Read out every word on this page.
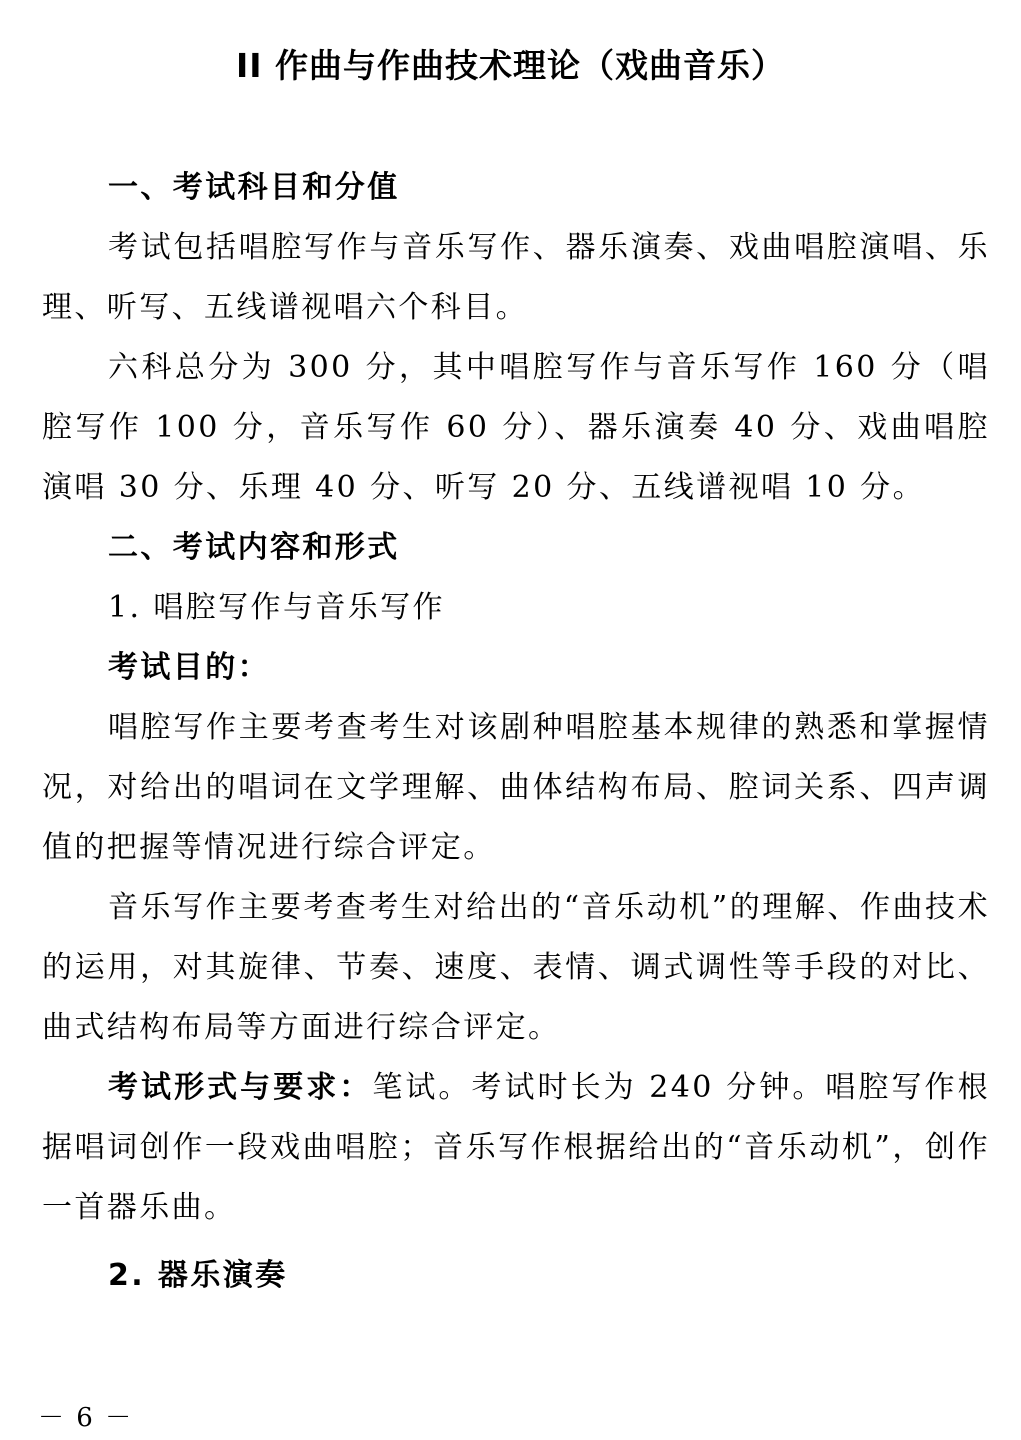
II 作曲与作曲技术理论（戏曲音乐）

一、考试科目和分值

考试包括唱腔写作与音乐写作、器乐演奏、戏曲唱腔演唱、乐理、听写、五线谱视唱六个科目。

六科总分为 300 分，其中唱腔写作与音乐写作 160 分（唱腔写作 100 分，音乐写作 60 分）、器乐演奏 40 分、戏曲唱腔演唱 30 分、乐理 40 分、听写 20 分、五线谱视唱 10 分。

二、考试内容和形式

1. 唱腔写作与音乐写作

考试目的：

唱腔写作主要考查考生对该剧种唱腔基本规律的熟悉和掌握情况，对给出的唱词在文学理解、曲体结构布局、腔词关系、四声调值的把握等情况进行综合评定。

音乐写作主要考查考生对给出的“音乐动机”的理解、作曲技术的运用，对其旋律、节奏、速度、表情、调式调性等手段的对比、曲式结构布局等方面进行综合评定。

考试形式与要求：笔试。考试时长为 240 分钟。唱腔写作根据唱词创作一段戏曲唱腔；音乐写作根据给出的“音乐动机”，创作一首器乐曲。

2. 器乐演奏

－ 6 －
